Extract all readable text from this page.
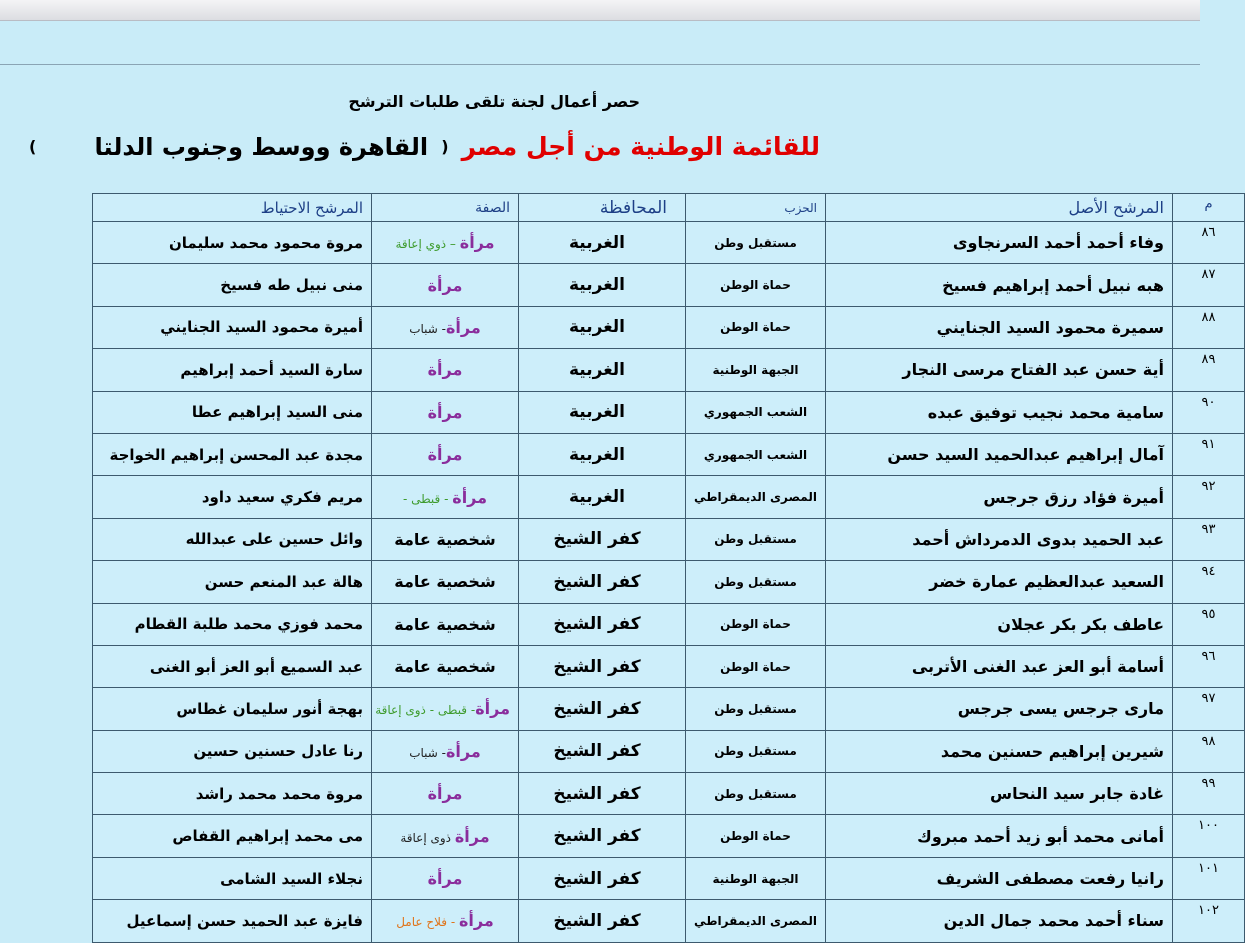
حصر أعمال لجنة تلقى طلبات الترشح
للقائمة الوطنية من أجل مصر ( القاهرة ووسط وجنوب الدلتا  )
م	المرشح الأصل	الحزب	المحافظة	الصفة	المرشح الاحتياط
٨٦	وفاء أحمد أحمد السرنجاوى	مستقبل وطن	الغربية	مرأة – ذوي إعاقة	مروة محمود محمد سليمان
٨٧	هبه نبيل أحمد إبراهيم فسيخ	حماة الوطن	الغربية	مرأة	منى نبيل طه فسيخ
٨٨	سميرة محمود السيد الجنايني	حماة الوطن	الغربية	مرأة- شباب	أميرة محمود السيد الجنايني
٨٩	أية حسن عبد الفتاح مرسى النجار	الجبهة الوطنية	الغربية	مرأة	سارة السيد أحمد إبراهيم
٩٠	سامية محمد نجيب توفيق عبده	الشعب الجمهوري	الغربية	مرأة	منى السيد إبراهيم عطا
٩١	آمال إبراهيم عبدالحميد السيد حسن	الشعب الجمهوري	الغربية	مرأة	مجدة عبد المحسن إبراهيم الخواجة
٩٢	أميرة فؤاد رزق جرجس	المصرى الديمقراطي	الغربية	مرأة - قبطى -	مريم فكري سعيد داود
٩٣	عبد الحميد بدوى الدمرداش أحمد	مستقبل وطن	كفر الشيخ	شخصية عامة	وائل حسين على عبدالله
٩٤	السعيد عبدالعظيم عمارة خضر	مستقبل وطن	كفر الشيخ	شخصية عامة	هالة عبد المنعم حسن
٩٥	عاطف بكر بكر عجلان	حماة الوطن	كفر الشيخ	شخصية عامة	محمد فوزي محمد طلبة القطام
٩٦	أسامة أبو العز عبد الغنى الأتربى	حماة الوطن	كفر الشيخ	شخصية عامة	عبد السميع أبو العز أبو الغنى
٩٧	مارى جرجس يسى جرجس	مستقبل وطن	كفر الشيخ	مرأة- قبطى - ذوى إعاقة	بهجة أنور سليمان غطاس
٩٨	شيرين إبراهيم حسنين محمد	مستقبل وطن	كفر الشيخ	مرأة- شباب	رنا عادل حسنين حسين
٩٩	غادة جابر سيد النحاس	مستقبل وطن	كفر الشيخ	مرأة	مروة محمد محمد راشد
١٠٠	أمانى محمد أبو زيد أحمد مبروك	حماة الوطن	كفر الشيخ	مرأة ذوى إعاقة	مى محمد إبراهيم القفاص
١٠١	رانيا رفعت مصطفى الشريف	الجبهة الوطنية	كفر الشيخ	مرأة	نجلاء السيد الشامى
١٠٢	سناء أحمد محمد جمال الدين	المصرى الديمقراطي	كفر الشيخ	مرأة - فلاح عامل	فايزة عبد الحميد حسن إسماعيل
